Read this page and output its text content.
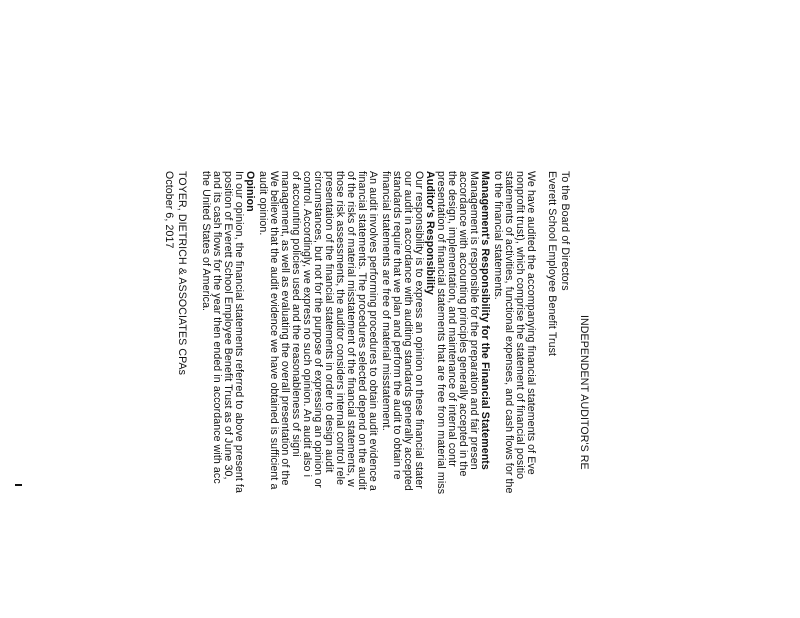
INDEPENDENT AUDITOR'S RE
To the Board of Directors
Everett School Employee Benefit Trust
We have audited the accompanying financial statements of Eve
nonprofit trust), which comprise the statement of financial positio
statements of activities, functional expenses, and cash flows for the
to the financial statements.
Management's Responsibility for the Financial Statements
Management is responsible for the preparation and fair presen
accordance with accounting principles generally accepted in the
the design, implementation, and maintenance of internal contr
presentation of financial statements that are free from material miss
Auditor's Responsibility
Our responsibility is to express an opinion on these financial stater
our audit in accordance with auditing standards generally accepted
standards require that we plan and perform the audit to obtain re
financial statements are free of material misstatement.
An audit involves performing procedures to obtain audit evidence a
financial statements. The procedures selected depend on the audit
of the risks of material misstatement of the financial statements, w
those risk assessments, the auditor considers internal control rele
presentation of the financial statements in order to design audit
circumstances, but not for the purpose of expressing an opinion or
control. Accordingly, we express no such opinion. An audit also i
of accounting policies used and the reasonableness of signi
management, as well as evaluating the overall presentation of the
We believe that the audit evidence we have obtained is sufficient a
audit opinion.
Opinion
In our opinion, the financial statements referred to above present fa
position of Everett School Employee Benefit Trust as of June 30,
and its cash flows for the year then ended in accordance with acc
the United States of America.
TOYER, DIETRICH & ASSOCIATES CPAs
October 6, 2017
